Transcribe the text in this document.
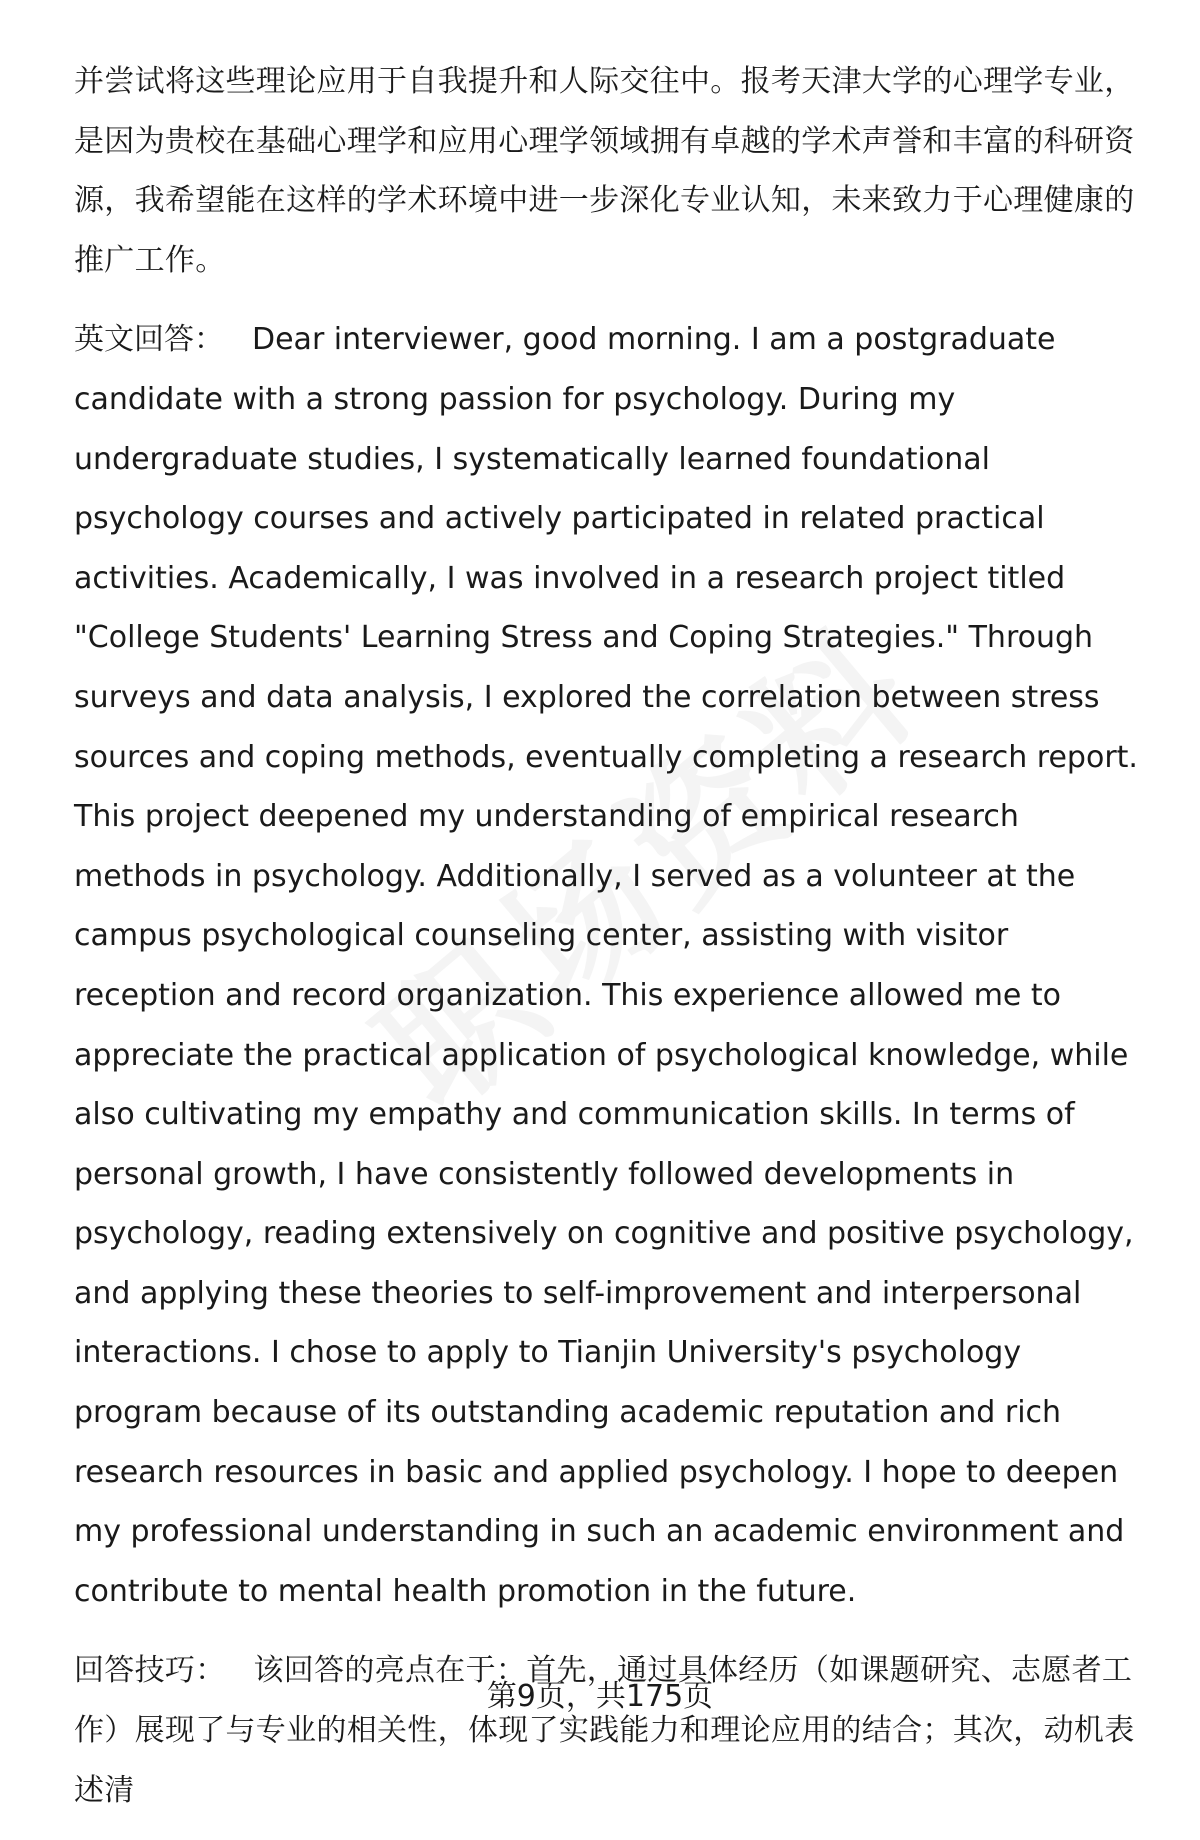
并尝试将这些理论应用于自我提升和人际交往中。报考天津大学的心理学专业，是因为贵校在基础心理学和应用心理学领域拥有卓越的学术声誉和丰富的科研资源，我希望能在这样的学术环境中进一步深化专业认知，未来致力于心理健康的推广工作。

英文回答： Dear interviewer, good morning. I am a postgraduate candidate with a strong passion for psychology. During my undergraduate studies, I systematically learned foundational psychology courses and actively participated in related practical activities. Academically, I was involved in a research project titled "College Students' Learning Stress and Coping Strategies." Through surveys and data analysis, I explored the correlation between stress sources and coping methods, eventually completing a research report. This project deepened my understanding of empirical research methods in psychology. Additionally, I served as a volunteer at the campus psychological counseling center, assisting with visitor reception and record organization. This experience allowed me to appreciate the practical application of psychological knowledge, while also cultivating my empathy and communication skills. In terms of personal growth, I have consistently followed developments in psychology, reading extensively on cognitive and positive psychology, and applying these theories to self-improvement and interpersonal interactions. I chose to apply to Tianjin University's psychology program because of its outstanding academic reputation and rich research resources in basic and applied psychology. I hope to deepen my professional understanding in such an academic environment and contribute to mental health promotion in the future.

回答技巧： 该回答的亮点在于：首先，通过具体经历（如课题研究、志愿者工作）展现了与专业的相关性，体现了实践能力和理论应用的结合；其次，动机表述清

第9页，共175页
